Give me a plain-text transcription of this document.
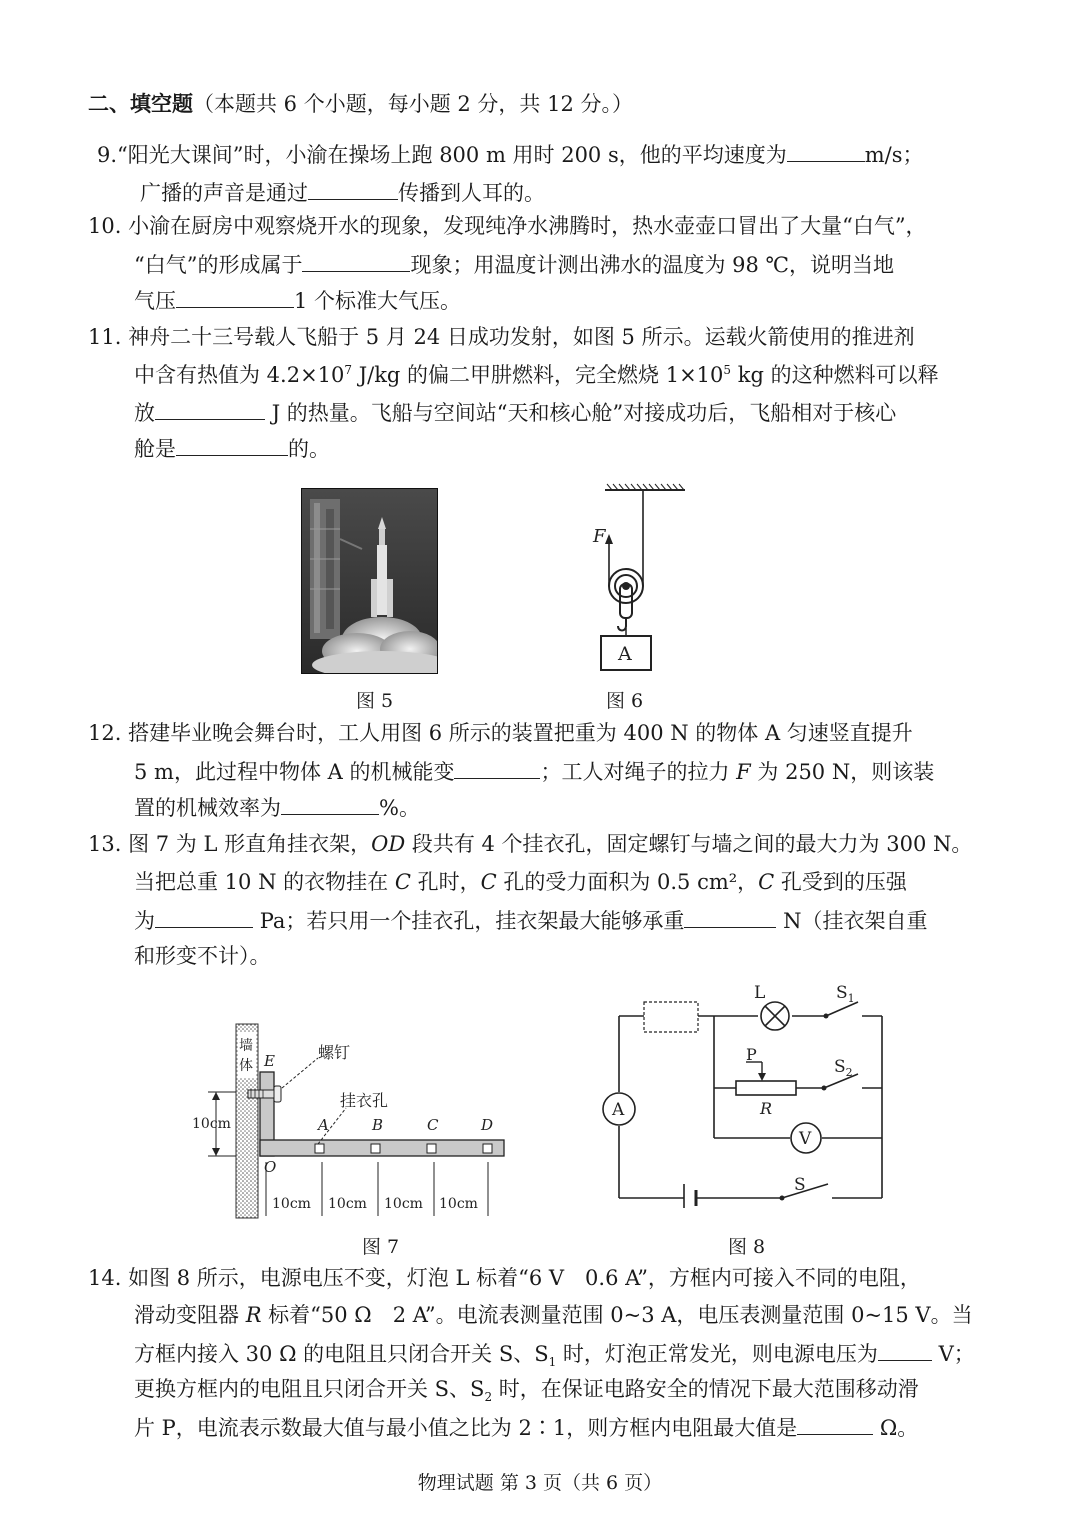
二、填空题（本题共 6 个小题，每小题 2 分，共 12 分。）
9.“阳光大课间”时，小渝在操场上跑 800 m 用时 200 s，他的平均速度为	m/s；
广播的声音是通过	传播到人耳的。
10. 小渝在厨房中观察烧开水的现象，发现纯净水沸腾时，热水壶壶口冒出了大量“白气”，
“白气”的形成属于	现象；用温度计测出沸水的温度为 98 ℃，说明当地
气压	1 个标准大气压。
11. 神舟二十三号载人飞船于 5 月 24 日成功发射，如图 5 所示。运载火箭使用的推进剂
中含有热值为 $4.2\times 10^7$ J/kg 的偏二甲肼燃料，完全燃烧 $1\times 10^5$ kg 的这种燃料可以释
放	J 的热量。飞船与空间站“天和核心舱”对接成功后，飞船相对于核心
舱是	的。
图 5
F
A
图 6
12. 搭建毕业晚会舞台时，工人用图 6 所示的装置把重为 400 N 的物体 A 匀速竖直提升
5 m，此过程中物体 A 的机械能变	；工人对绳子的拉力 F 为 250 N，则该装
置的机械效率为	%。
13. 图 7 为 L 形直角挂衣架，OD 段共有 4 个挂衣孔，固定螺钉与墙之间的最大力为 300 N。
当把总重 10 N 的衣物挂在 C 孔时，C 孔的受力面积为 0.5 cm²，C 孔受到的压强
为	Pa；若只用一个挂衣孔，挂衣架最大能够承重	N（挂衣架自重
和形变不计）。
墙
体 E	螺钉
挂衣孔
A	B	C	D
O
10cm
10cm 10cm 10cm 10cm
图 7
L	$S_1$
P
R
$S_2$
V
A
S
图 8
14. 如图 8 所示，电源电压不变，灯泡 L 标着“6 V　0.6 A”，方框内可接入不同的电阻，
滑动变阻器 R 标着“50 Ω　2 A”。电流表测量范围 0~3 A，电压表测量范围 0~15 V。当
方框内接入 30 Ω 的电阻且只闭合开关 S、$S_1$ 时，灯泡正常发光，则电源电压为	V；
更换方框内的电阻且只闭合开关 S、$S_2$ 时，在保证电路安全的情况下最大范围移动滑
片 P，电流表示数最大值与最小值之比为 2∶1，则方框内电阻最大值是	Ω。
物理试题 第 3 页（共 6 页）
